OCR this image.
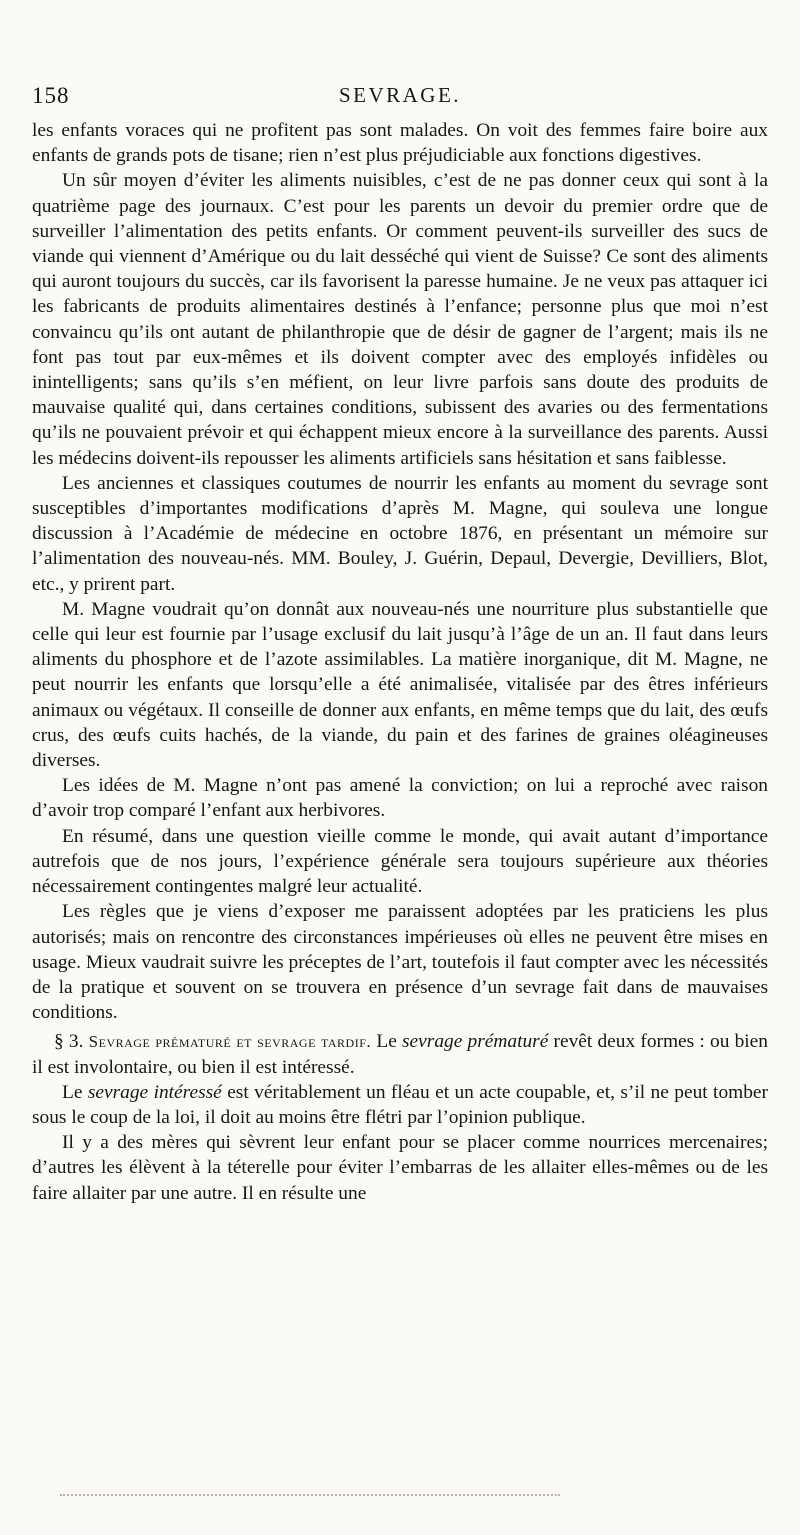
158	SEVRAGE.

les enfants voraces qui ne profitent pas sont malades. On voit des femmes faire boire aux enfants de grands pots de tisane; rien n’est plus préjudiciable aux fonctions digestives.

Un sûr moyen d’éviter les aliments nuisibles, c’est de ne pas donner ceux qui sont à la quatrième page des journaux. C’est pour les parents un devoir du premier ordre que de surveiller l’alimentation des petits enfants. Or comment peuvent-ils surveiller des sucs de viande qui viennent d’Amérique ou du lait desséché qui vient de Suisse? Ce sont des aliments qui auront toujours du succès, car ils favorisent la paresse humaine. Je ne veux pas attaquer ici les fabricants de produits alimentaires destinés à l’enfance; personne plus que moi n’est convaincu qu’ils ont autant de philanthropie que de désir de gagner de l’argent; mais ils ne font pas tout par eux-mêmes et ils doivent compter avec des employés infidèles ou inintelligents; sans qu’ils s’en méfient, on leur livre parfois sans doute des produits de mauvaise qualité qui, dans certaines conditions, subissent des avaries ou des fermentations qu’ils ne pouvaient prévoir et qui échappent mieux encore à la surveillance des parents. Aussi les médecins doivent-ils repousser les aliments artificiels sans hésitation et sans faiblesse.

Les anciennes et classiques coutumes de nourrir les enfants au moment du sevrage sont susceptibles d’importantes modifications d’après M. Magne, qui souleva une longue discussion à l’Académie de médecine en octobre 1876, en présentant un mémoire sur l’alimentation des nouveau-nés. MM. Bouley, J. Guérin, Depaul, Devergie, Devilliers, Blot, etc., y prirent part.

M. Magne voudrait qu’on donnât aux nouveau-nés une nourriture plus substantielle que celle qui leur est fournie par l’usage exclusif du lait jusqu’à l’âge de un an. Il faut dans leurs aliments du phosphore et de l’azote assimilables. La matière inorganique, dit M. Magne, ne peut nourrir les enfants que lorsqu’elle a été animalisée, vitalisée par des êtres inférieurs animaux ou végétaux. Il conseille de donner aux enfants, en même temps que du lait, des œufs crus, des œufs cuits hachés, de la viande, du pain et des farines de graines oléagineuses diverses.

Les idées de M. Magne n’ont pas amené la conviction; on lui a reproché avec raison d’avoir trop comparé l’enfant aux herbivores.

En résumé, dans une question vieille comme le monde, qui avait autant d’importance autrefois que de nos jours, l’expérience générale sera toujours supérieure aux théories nécessairement contingentes malgré leur actualité.

Les règles que je viens d’exposer me paraissent adoptées par les praticiens les plus autorisés; mais on rencontre des circonstances impérieuses où elles ne peuvent être mises en usage. Mieux vaudrait suivre les préceptes de l’art, toutefois il faut compter avec les nécessités de la pratique et souvent on se trouvera en présence d’un sevrage fait dans de mauvaises conditions.

§ 3. Sevrage prématuré et sevrage tardif. Le sevrage prématuré revêt deux formes : ou bien il est involontaire, ou bien il est intéressé.

Le sevrage intéressé est véritablement un fléau et un acte coupable, et, s’il ne peut tomber sous le coup de la loi, il doit au moins être flétri par l’opinion publique.

Il y a des mères qui sèvrent leur enfant pour se placer comme nourrices mercenaires; d’autres les élèvent à la téterelle pour éviter l’embarras de les allaiter elles-mêmes ou de les faire allaiter par une autre. Il en résulte une
